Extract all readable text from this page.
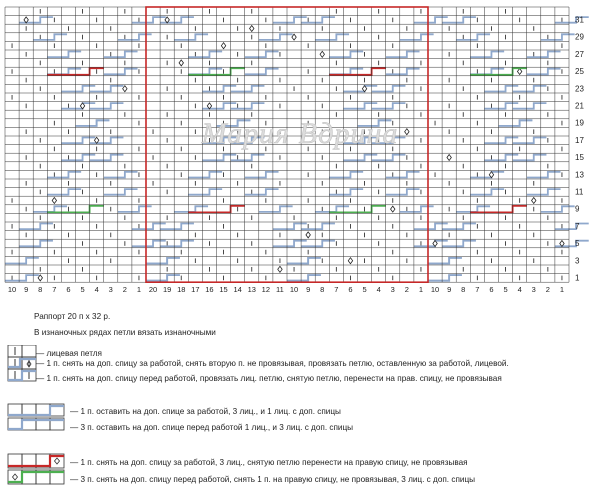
31
29
27
25
23
21
19
17
15
13
11
9
7
5
3
1
10 9 8 7 6 5 4 3 2 1 20 19 18 17 16 15 14 13 12 11 10 9 8 7 6 5 4 3 2 1 10 9 8 7 6 5 4 3 2 1
Мария Вдрина
Раппорт 20 п х 32 р.
В изнаночных рядах петли вязать изнаночными
— лицевая петля
— 1 п. снять на доп. спицу за работой, снять вторую п. не провязывая, провязать петлю, оставленную за работой, лицевой.
— 1 п. снять на доп. спицу перед работой, провязать лиц. петлю, снятую петлю, перенести на прав. спицу, не провязывая
— 1 п. оставить на доп. спице за работой, 3 лиц., и 1 лиц. с доп. спицы
— 3 п. оставить на доп. спице перед работой 1 лиц., и 3 лиц. с доп. спицы
— 1 п. снять на доп. спицу за работой, 3 лиц., снятую петлю перенести на правую спицу, не провязывая
— 3 п. снять на доп. спицу перед работой, снять 1 п. на правую спицу, не провязывая, 3 лиц. с доп. спицы
